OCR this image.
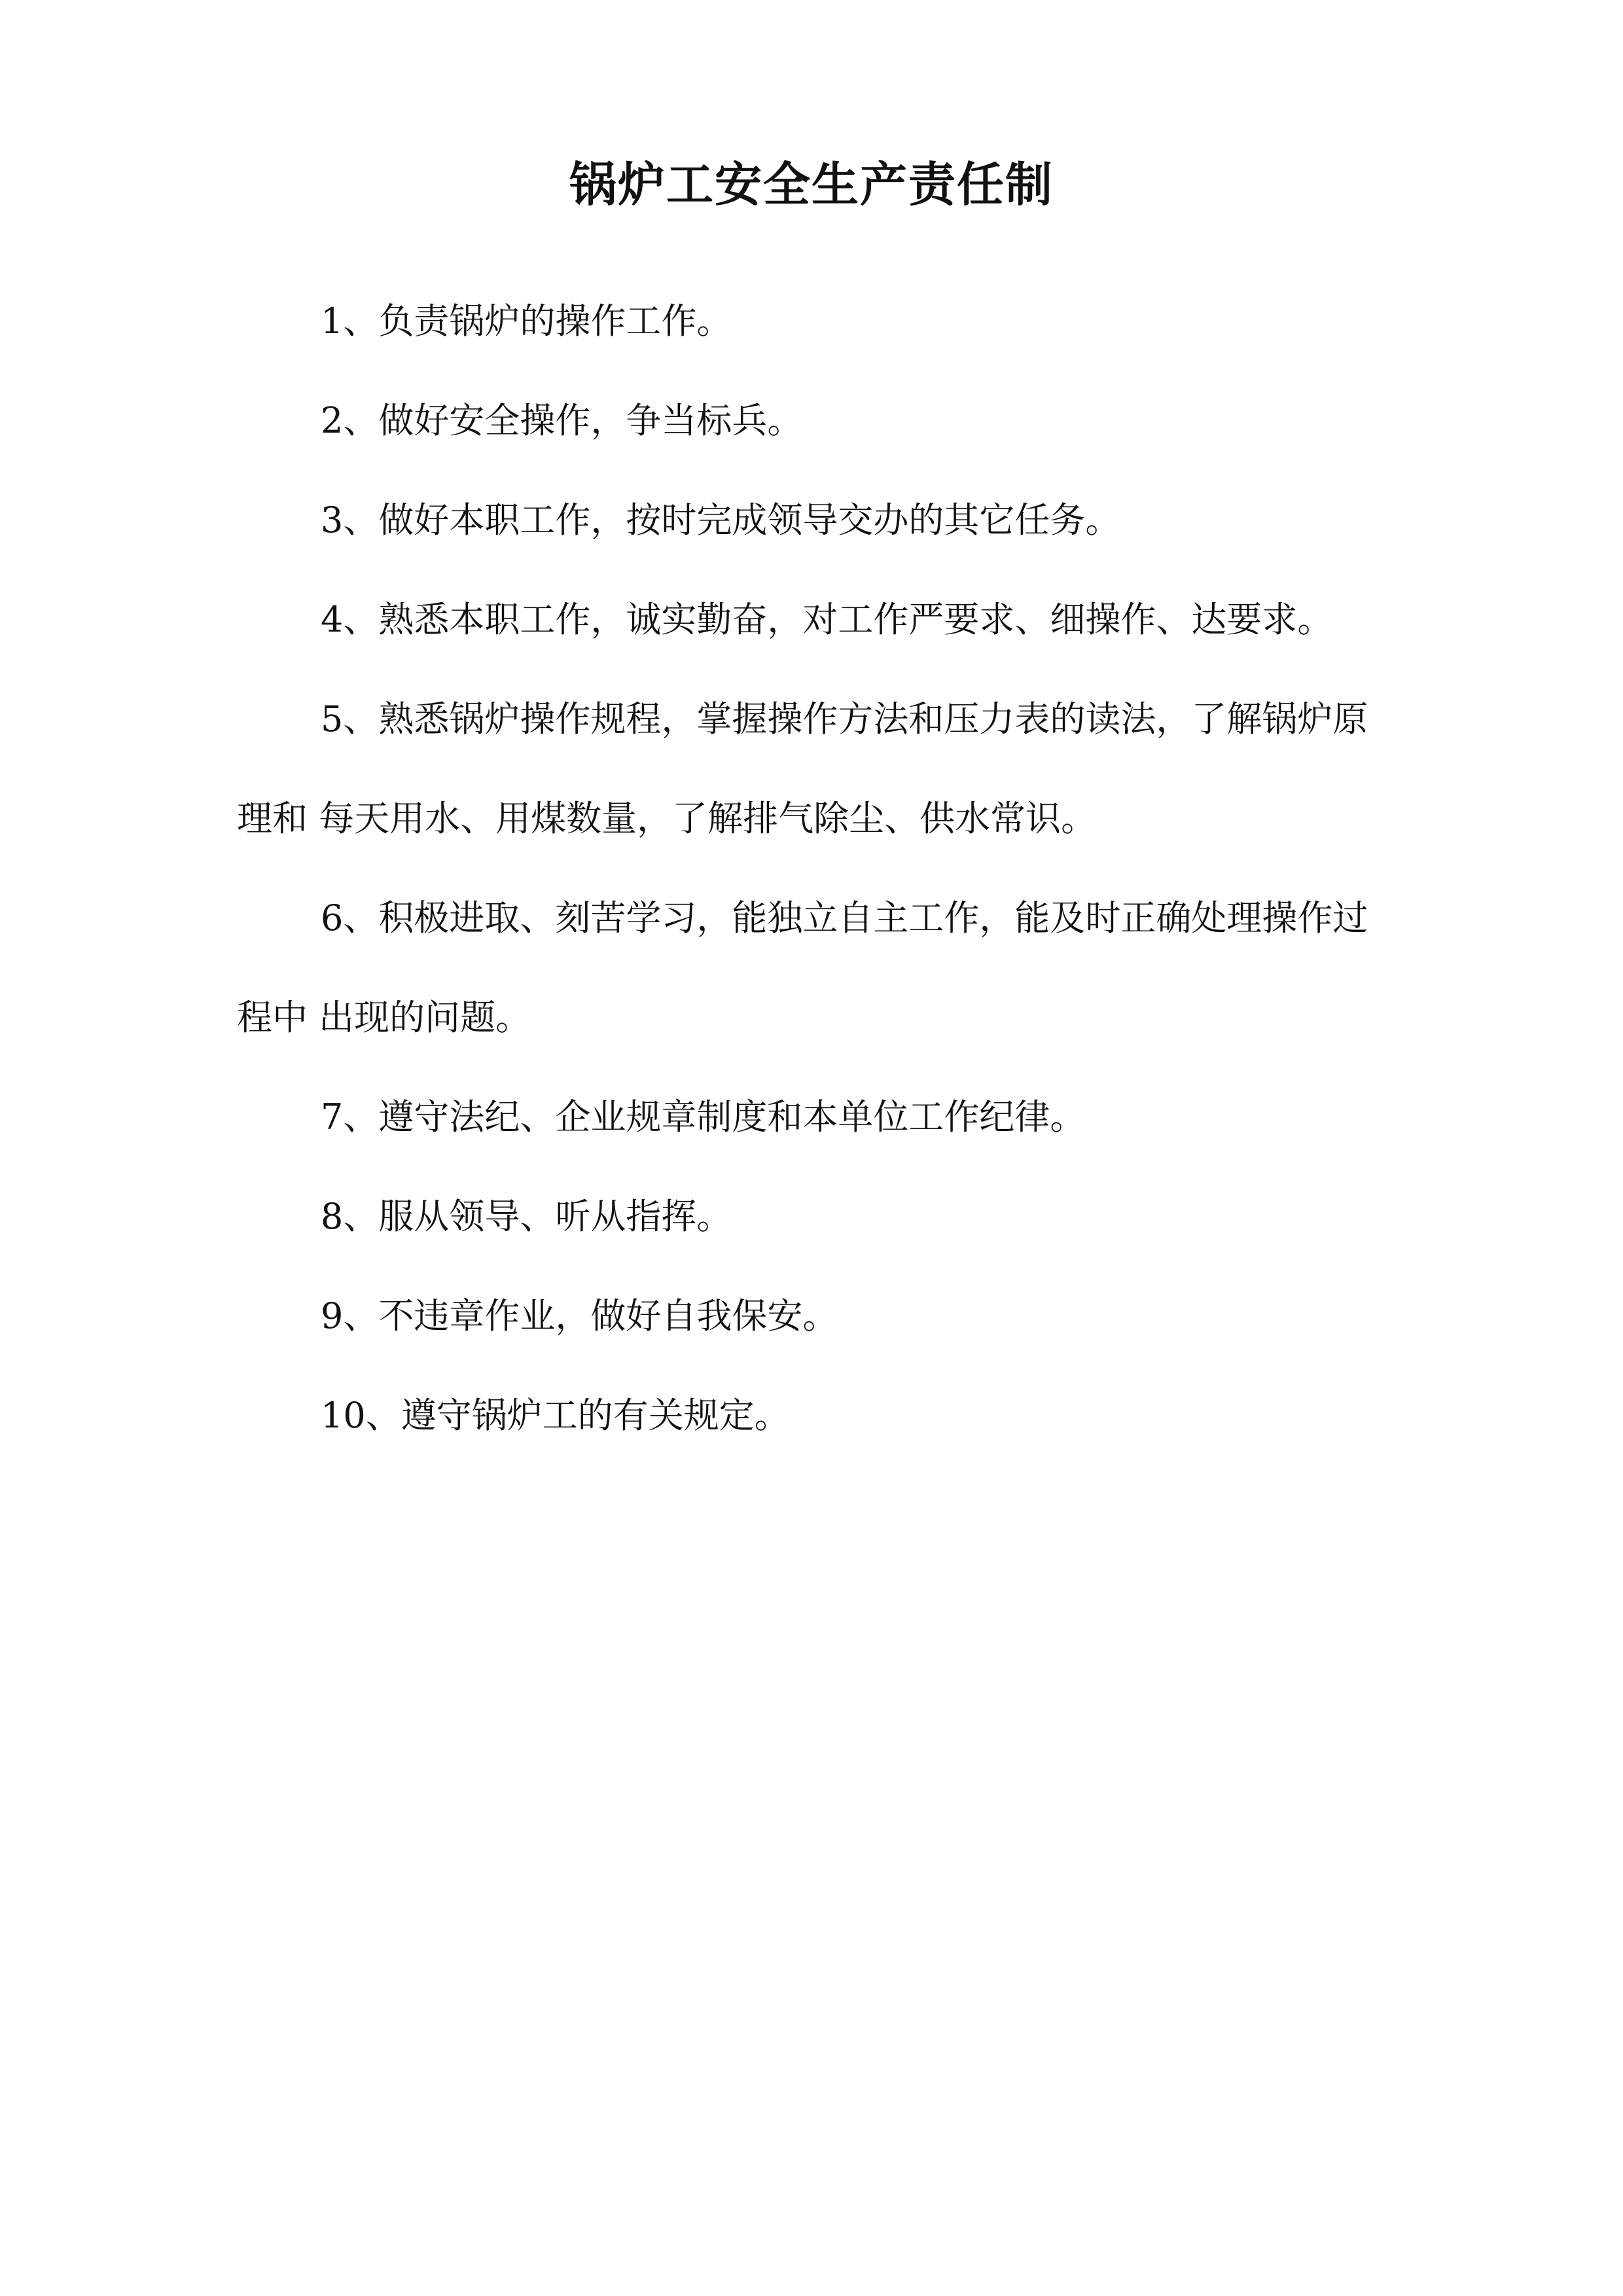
锅炉工安全生产责任制

1、负责锅炉的操作工作。

2、做好安全操作，争当标兵。

3、做好本职工作，按时完成领导交办的其它任务。

4、熟悉本职工作，诚实勤奋，对工作严要求、细操作、达要求。

5、熟悉锅炉操作规程，掌握操作方法和压力表的读法，了解锅炉原理和 每天用水、用煤数量，了解排气除尘、供水常识。

6、积极进取、刻苦学习，能独立自主工作，能及时正确处理操作过程中 出现的问题。

7、遵守法纪、企业规章制度和本单位工作纪律。

8、服从领导、听从指挥。

9、不违章作业，做好自我保安。

10、遵守锅炉工的有关规定。
